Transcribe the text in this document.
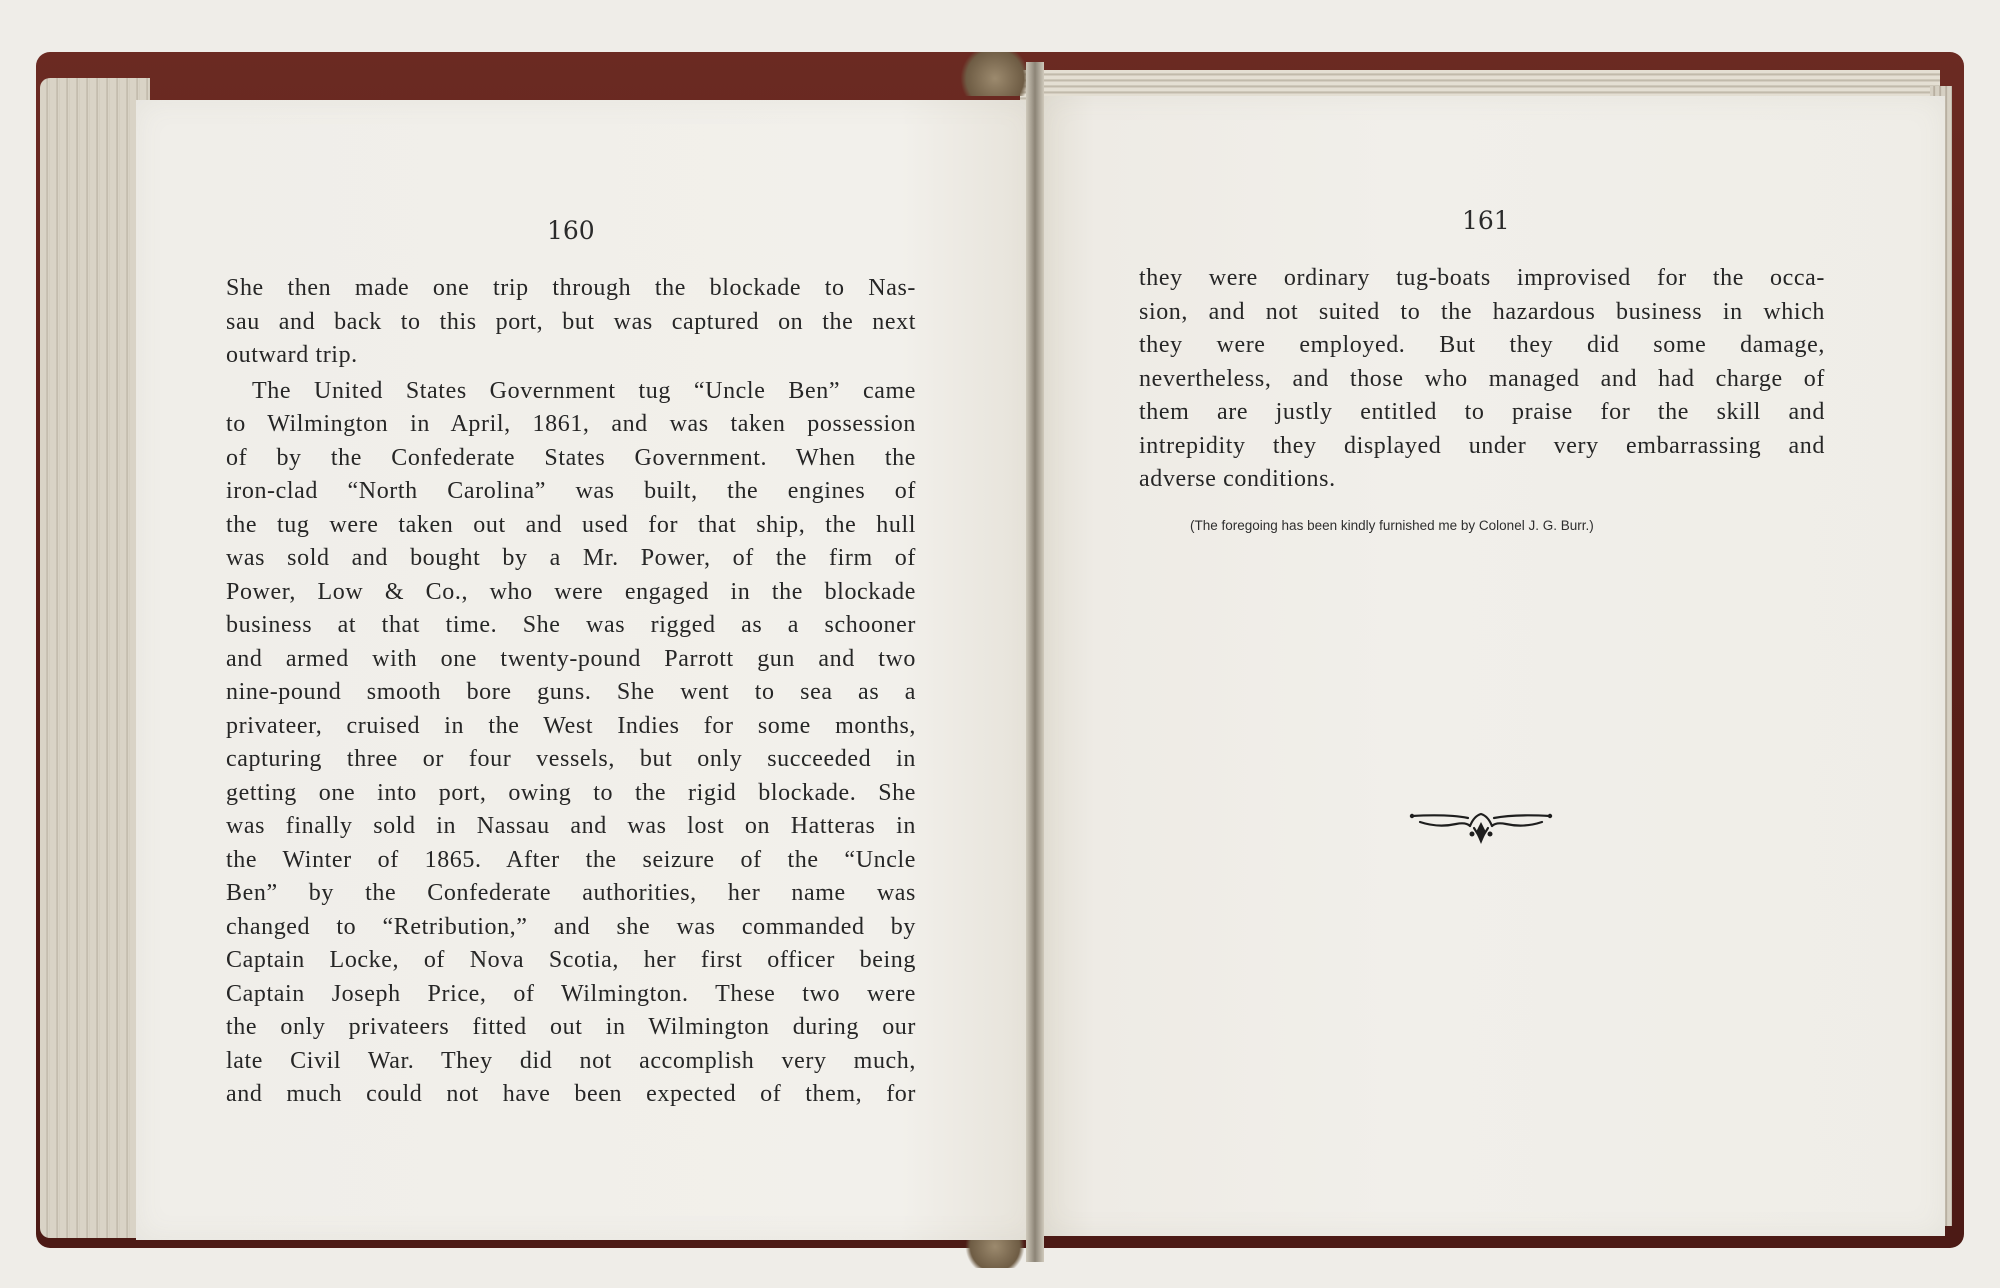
160	161

She then made one trip through the blockade to Nas-
sau and back to this port, but was captured on the next
outward trip.
The United States Government tug “Uncle Ben” came
to Wilmington in April, 1861, and was taken possession
of by the Confederate States Government. When the
iron-clad “North Carolina” was built, the engines of
the tug were taken out and used for that ship, the hull
was sold and bought by a Mr. Power, of the firm of
Power, Low & Co., who were engaged in the blockade
business at that time. She was rigged as a schooner
and armed with one twenty-pound Parrott gun and two
nine-pound smooth bore guns. She went to sea as a
privateer, cruised in the West Indies for some months,
capturing three or four vessels, but only succeeded in
getting one into port, owing to the rigid blockade. She
was finally sold in Nassau and was lost on Hatteras in
the Winter of 1865. After the seizure of the “Uncle
Ben” by the Confederate authorities, her name was
changed to “Retribution,” and she was commanded by
Captain Locke, of Nova Scotia, her first officer being
Captain Joseph Price, of Wilmington. These two were
the only privateers fitted out in Wilmington during our
late Civil War. They did not accomplish very much,
and much could not have been expected of them, for
they were ordinary tug-boats improvised for the occa-
sion, and not suited to the hazardous business in which
they were employed. But they did some damage,
nevertheless, and those who managed and had charge of
them are justly entitled to praise for the skill and
intrepidity they displayed under very embarrassing and
adverse conditions.

(The foregoing has been kindly furnished me by Colonel J. G. Burr.)
